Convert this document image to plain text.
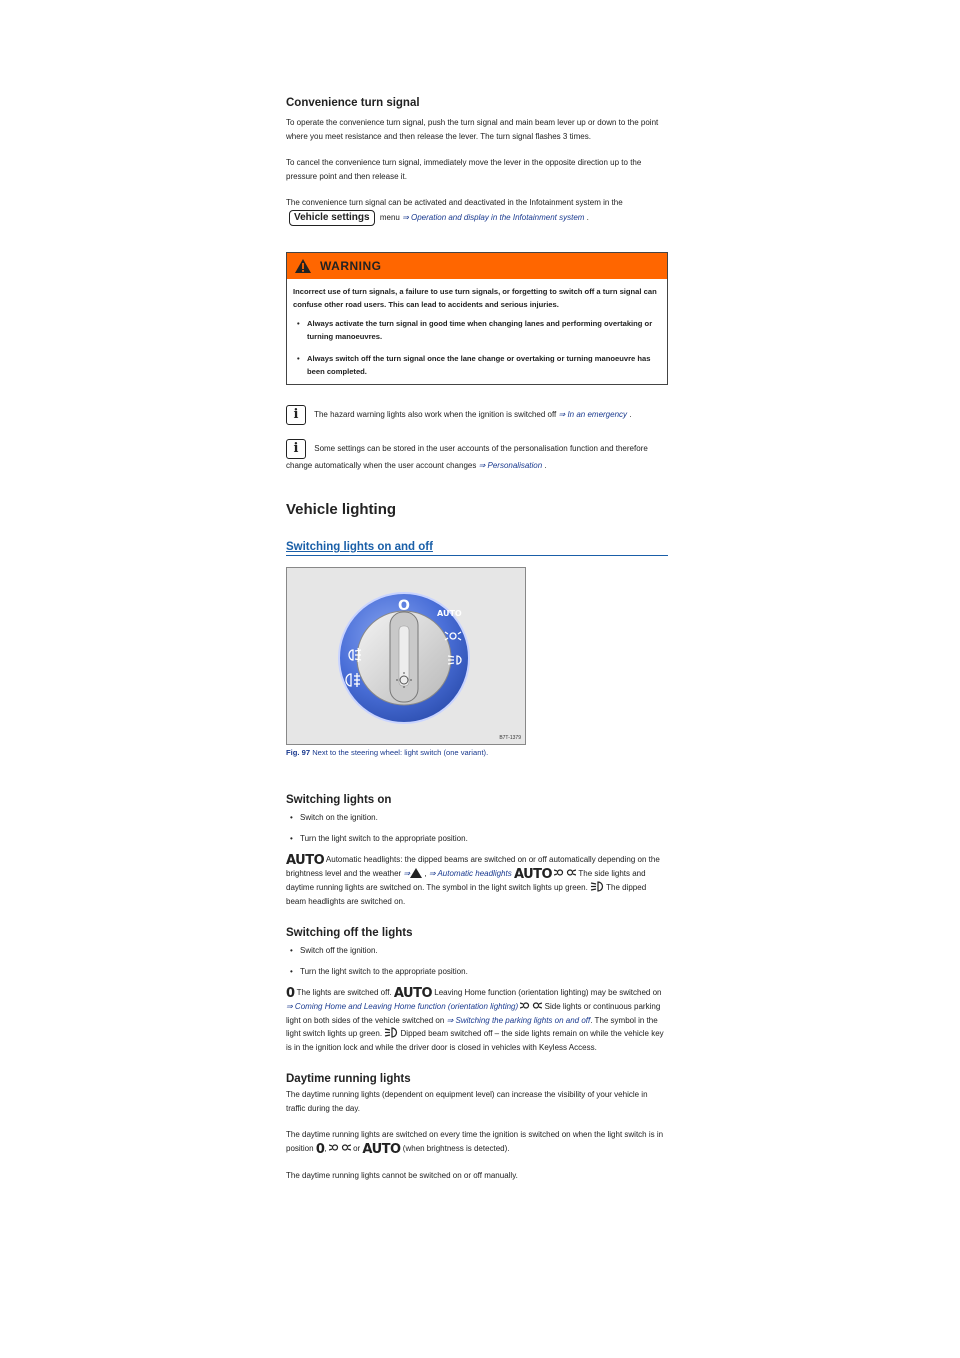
Convenience turn signal

To operate the convenience turn signal, push the turn signal and main beam lever up or down to the point where you meet resistance and then release the lever. The turn signal flashes 3 times.

To cancel the convenience turn signal, immediately move the lever in the opposite direction up to the pressure point and then release it.

The convenience turn signal can be activated and deactivated in the Infotainment system in the Vehicle settings menu ⇒ Operation and display in the Infotainment system .

WARNING

Incorrect use of turn signals, a failure to use turn signals, or forgetting to switch off a turn signal can confuse other road users. This can lead to accidents and serious injuries.

• Always activate the turn signal in good time when changing lanes and performing overtaking or turning manoeuvres.
• Always switch off the turn signal once the lane change or overtaking or turning manoeuvre has been completed.

i The hazard warning lights also work when the ignition is switched off ⇒ In an emergency .

i Some settings can be stored in the user accounts of the personalisation function and therefore change automatically when the user account changes ⇒ Personalisation .

Vehicle lighting
Switching lights on and off
O	AUTO
B7T-1379
Fig. 97 Next to the steering wheel: light switch (one variant).
Switching lights on
• Switch on the ignition.
• Turn the light switch to the appropriate position.

AUTO Automatic headlights: the dipped beams are switched on or off automatically depending on the brightness level and the weather ⇒ , ⇒ Automatic headlights AUTO	The side lights and daytime running lights are switched on. The symbol in the light switch lights up green. The dipped beam headlights are switched on.

Switching off the lights
• Switch off the ignition.
• Turn the light switch to the appropriate position.

0 The lights are switched off. AUTO Leaving Home function (orientation lighting) may be switched on ⇒ Coming Home and Leaving Home function (orientation lighting)	Side lights or continuous parking light on both sides of the vehicle switched on ⇒ Switching the parking lights on and off. The symbol in the light switch lights up green. Dipped beam switched off – the side lights remain on while the vehicle key is in the ignition lock and while the driver door is closed in vehicles with Keyless Access.

Daytime running lights

The daytime running lights (dependent on equipment level) can increase the visibility of your vehicle in traffic during the day.

The daytime running lights are switched on every time the ignition is switched on when the light switch is in position 0,	or AUTO (when brightness is detected).

The daytime running lights cannot be switched on or off manually.
